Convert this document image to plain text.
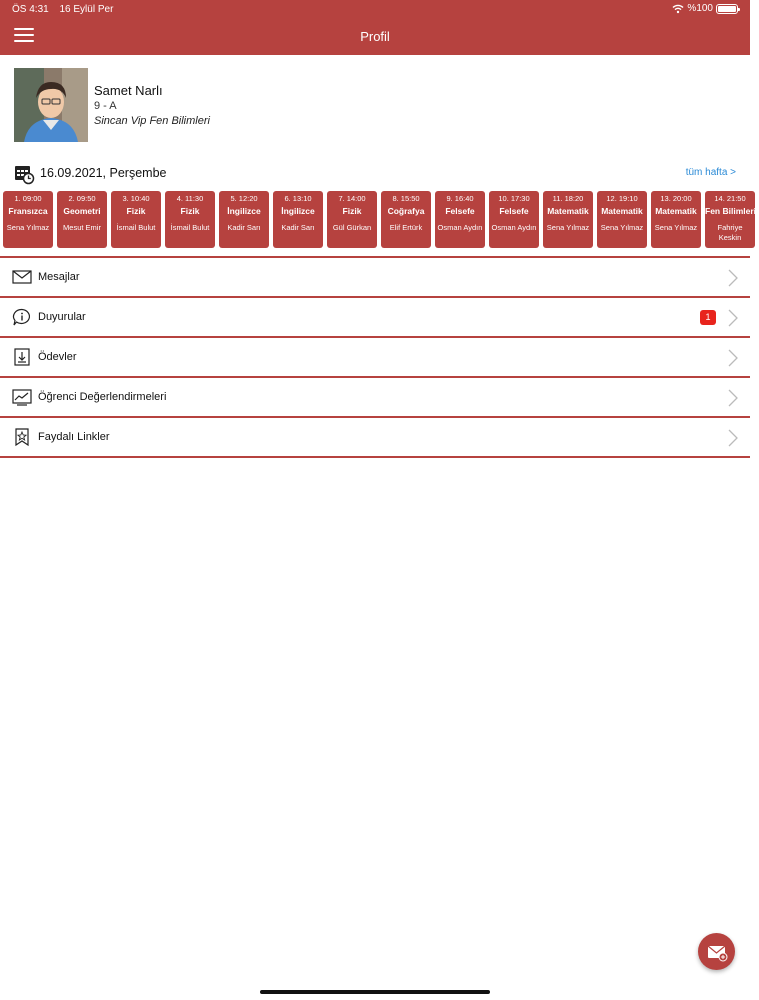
ÖS 4:31 16 Eylül Per	%100
Profil
Samet Narlı
9 - A
Sincan Vip Fen Bilimleri
16.09.2021, Perşembe	tüm hafta >
1. 09:00
Fransızca
Sena Yılmaz
2. 09:50
Geometri
Mesut Emir
3. 10:40
Fizik
İsmail Bulut
4. 11:30
Fizik
İsmail Bulut
5. 12:20
İngilizce
Kadir Sarı
6. 13:10
İngilizce
Kadir Sarı
7. 14:00
Fizik
Gül Gürkan
8. 15:50
Coğrafya
Elif Ertürk
9. 16:40
Felsefe
Osman Aydın
10. 17:30
Felsefe
Osman Aydın
11. 18:20
Matematik
Sena Yılmaz
12. 19:10
Matematik
Sena Yılmaz
13. 20:00
Matematik
Sena Yılmaz
14. 21:50
Fen Bilimleri
Fahriye Keskin
Mesajlar
Duyurular	1
Ödevler
Öğrenci Değerlendirmeleri
Faydalı Linkler
